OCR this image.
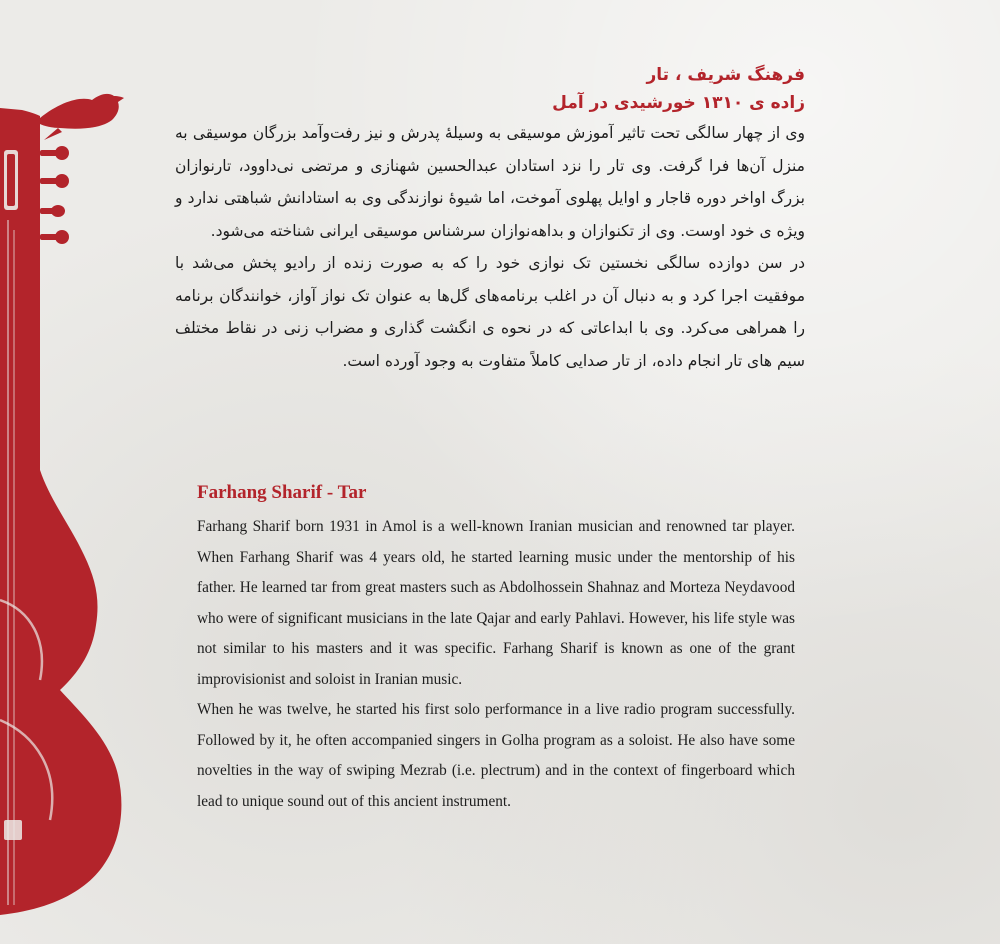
فرهنگ شریف ، تار
زاده ی ۱۳۱۰ خورشیدی در آمل

وی از چهار سالگی تحت تاثیر آموزش موسیقی به وسیلهٔ پدرش و نیز رفت‌وآمد بزرگان موسیقی به منزل آن‌ها فرا گرفت. وی تار را نزد استادان عبدالحسین شهنازی و مرتضی نی‌داوود، تارنوازان بزرگ اواخر دوره قاجار و اوایل پهلوی آموخت، اما شیوهٔ نوازندگی وی به استادانش شباهتی ندارد و ویژه ی خود اوست. وی از تکنوازان و بداهه‌نوازان سرشناس موسیقی ایرانی شناخته می‌شود.

در سن دوازده سالگی نخستین تک نوازی خود را که به صورت زنده از رادیو پخش می‌شد با موفقیت اجرا کرد و به دنبال آن در اغلب برنامه‌های گل‌ها به عنوان تک نواز آواز، خوانندگان برنامه را همراهی می‌کرد. وی با ابداعاتی که در نحوه ی انگشت گذاری و مضراب زنی در نقاط مختلف سیم های تار انجام داده، از تار صدایی کاملاً متفاوت به وجود آورده است.

Farhang Sharif - Tar

Farhang Sharif born 1931 in Amol is a well-known Iranian musician and renowned tar player. When Farhang Sharif was 4 years old, he started learning music under the mentorship of his father. He learned tar from great masters such as Abdolhossein Shahnaz and Morteza Neydavood who were of significant musicians in the late Qajar and early Pahlavi. However, his life style was not similar to his masters and it was specific. Farhang Sharif is known as one of the grant improvisionist and soloist in Iranian music.

When he was twelve, he started his first solo performance in a live radio program successfully. Followed by it, he often accompanied singers in Golha program as a soloist. He also have some novelties in the way of swiping Mezrab (i.e. plectrum) and in the context of fingerboard which lead to unique sound out of this ancient instrument.
